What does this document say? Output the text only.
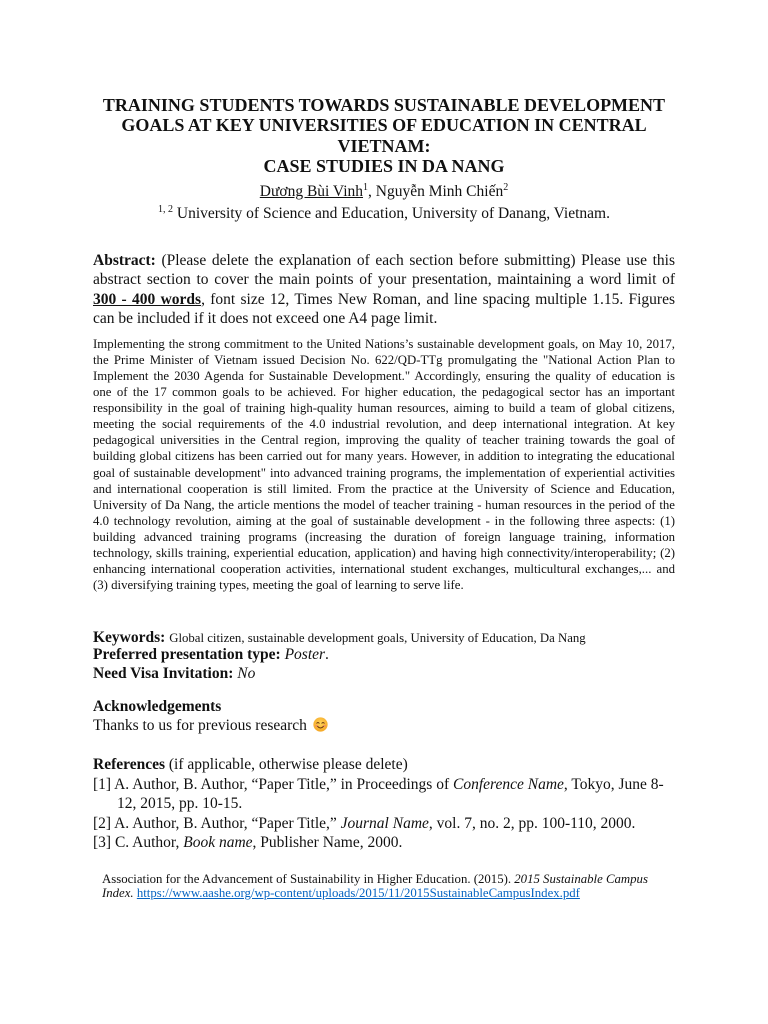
TRAINING STUDENTS TOWARDS SUSTAINABLE DEVELOPMENT GOALS AT KEY UNIVERSITIES OF EDUCATION IN CENTRAL VIETNAM:
CASE STUDIES IN DA NANG
Dương Bùi Vinh$^1$, Nguyễn Minh Chiến$^2$
$^{1, 2}$ University of Science and Education, University of Danang, Vietnam.
Abstract: (Please delete the explanation of each section before submitting) Please use this abstract section to cover the main points of your presentation, maintaining a word limit of 300 - 400 words, font size 12, Times New Roman, and line spacing multiple 1.15. Figures can be included if it does not exceed one A4 page limit.
Implementing the strong commitment to the United Nations’s sustainable development goals, on May 10, 2017,
the Prime Minister of Vietnam issued Decision No. 622/QD-TTg promulgating the "National Action Plan to
Implement the 2030 Agenda for Sustainable Development." Accordingly, ensuring the quality of education is
one of the 17 common goals to be achieved. For higher education, the pedagogical sector has an important
responsibility in the goal of training high-quality human resources, aiming to build a team of global citizens,
meeting the social requirements of the 4.0 industrial revolution, and deep international integration. At key
pedagogical universities in the Central region, improving the quality of teacher training towards the goal of
building global citizens has been carried out for many years. However, in addition to integrating the educational
goal of sustainable development" into advanced training programs, the implementation of experiential activities
and international cooperation is still limited. From the practice at the University of Science and Education,
University of Da Nang, the article mentions the model of teacher training - human resources in the period of the
4.0 technology revolution, aiming at the goal of sustainable development - in the following three aspects: (1)
building advanced training programs (increasing the duration of foreign language training, information
technology, skills training, experiential education, application) and having high connectivity/interoperability; (2)
enhancing international cooperation activities, international student exchanges, multicultural exchanges,... and
(3) diversifying training types, meeting the goal of learning to serve life.
Keywords: Global citizen, sustainable development goals, University of Education, Da Nang
Preferred presentation type: Poster.
Need Visa Invitation: No
Acknowledgements
Thanks to us for previous research
References (if applicable, otherwise please delete)
[1] A. Author, B. Author, “Paper Title,” in Proceedings of Conference Name, Tokyo, June 8-
12, 2015, pp. 10-15.
[2] A. Author, B. Author, “Paper Title,” Journal Name, vol. 7, no. 2, pp. 100-110, 2000.
[3] C. Author, Book name, Publisher Name, 2000.
Association for the Advancement of Sustainability in Higher Education. (2015). 2015 Sustainable Campus Index. https://www.aashe.org/wp-content/uploads/2015/11/2015SustainableCampusIndex.pdf
